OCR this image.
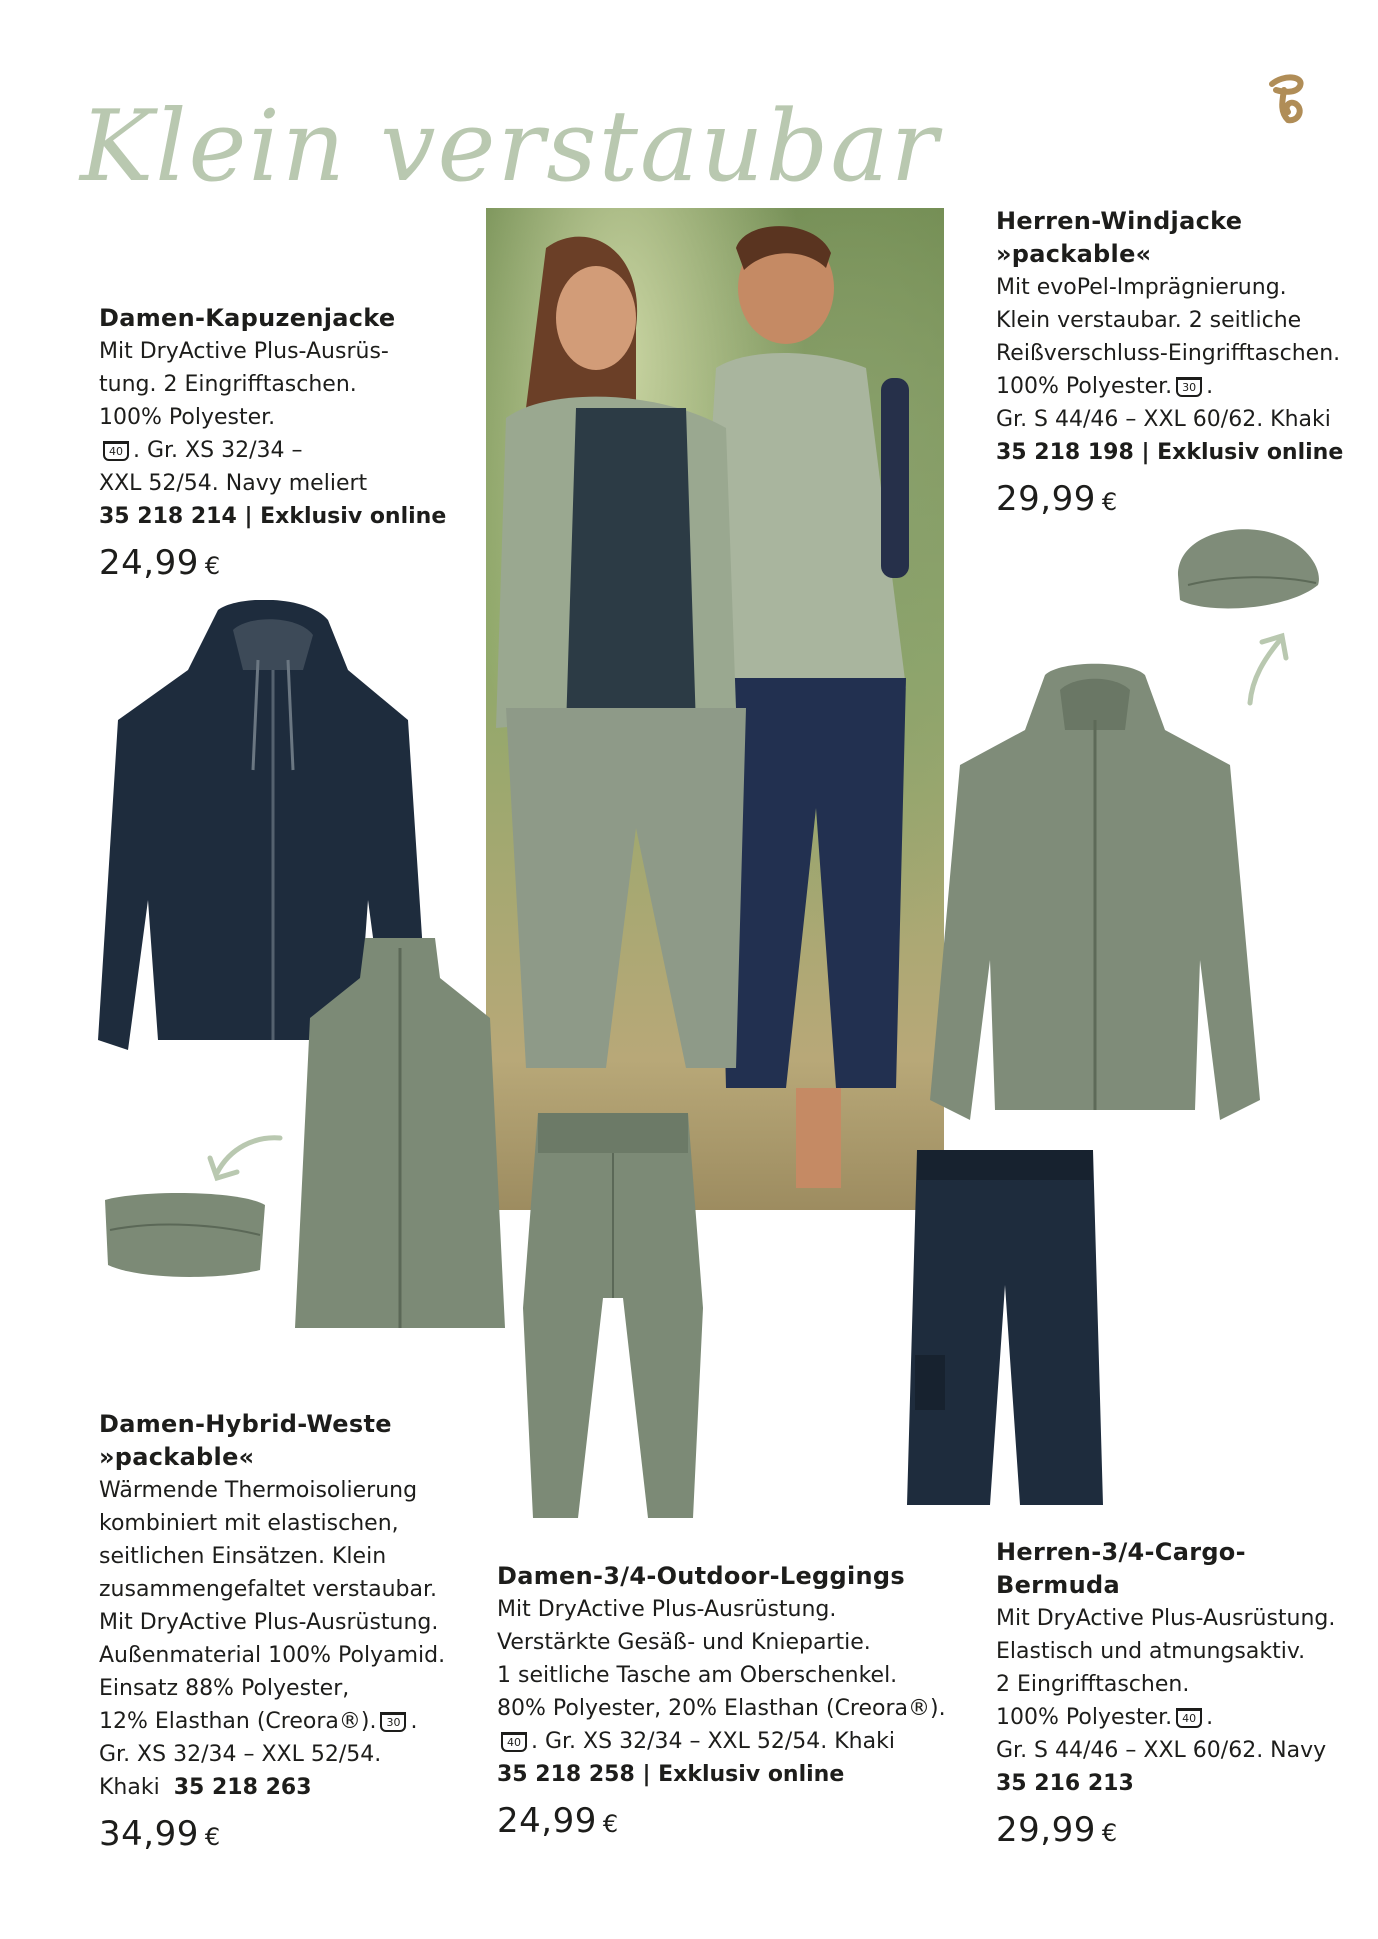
Klein verstaubar
Damen-Kapuzenjacke
Mit DryActive Plus-Ausrüs-
tung. 2 Eingrifftaschen.
100% Polyester.
40 . Gr. XS 32/34 –
XXL 52/54. Navy meliert
35 218 214 | Exklusiv online
24,99 €
Herren-Windjacke
»packable«
Mit evoPel-Imprägnierung.
Klein verstaubar. 2 seitliche
Reißverschluss-Eingrifftaschen.
100% Polyester. 30 .
Gr. S 44/46 – XXL 60/62. Khaki
35 218 198 | Exklusiv online
29,99 €
Damen-Hybrid-Weste
»packable«
Wärmende Thermoisolierung
kombiniert mit elastischen,
seitlichen Einsätzen. Klein
zusammengefaltet verstaubar.
Mit DryActive Plus-Ausrüstung.
Außenmaterial 100% Polyamid.
Einsatz 88% Polyester,
12% Elasthan (Creora®). 30 .
Gr. XS 32/34 – XXL 52/54.
Khaki 35 218 263
34,99 €
Damen-3/4-Outdoor-Leggings
Mit DryActive Plus-Ausrüstung.
Verstärkte Gesäß- und Kniepartie.
1 seitliche Tasche am Oberschenkel.
80% Polyester, 20% Elasthan (Creora®).
40 . Gr. XS 32/34 – XXL 52/54. Khaki
35 218 258 | Exklusiv online
24,99 €
Herren-3/4-Cargo-
Bermuda
Mit DryActive Plus-Ausrüstung.
Elastisch und atmungsaktiv.
2 Eingrifftaschen.
100% Polyester. 40 .
Gr. S 44/46 – XXL 60/62. Navy
35 216 213
29,99 €
